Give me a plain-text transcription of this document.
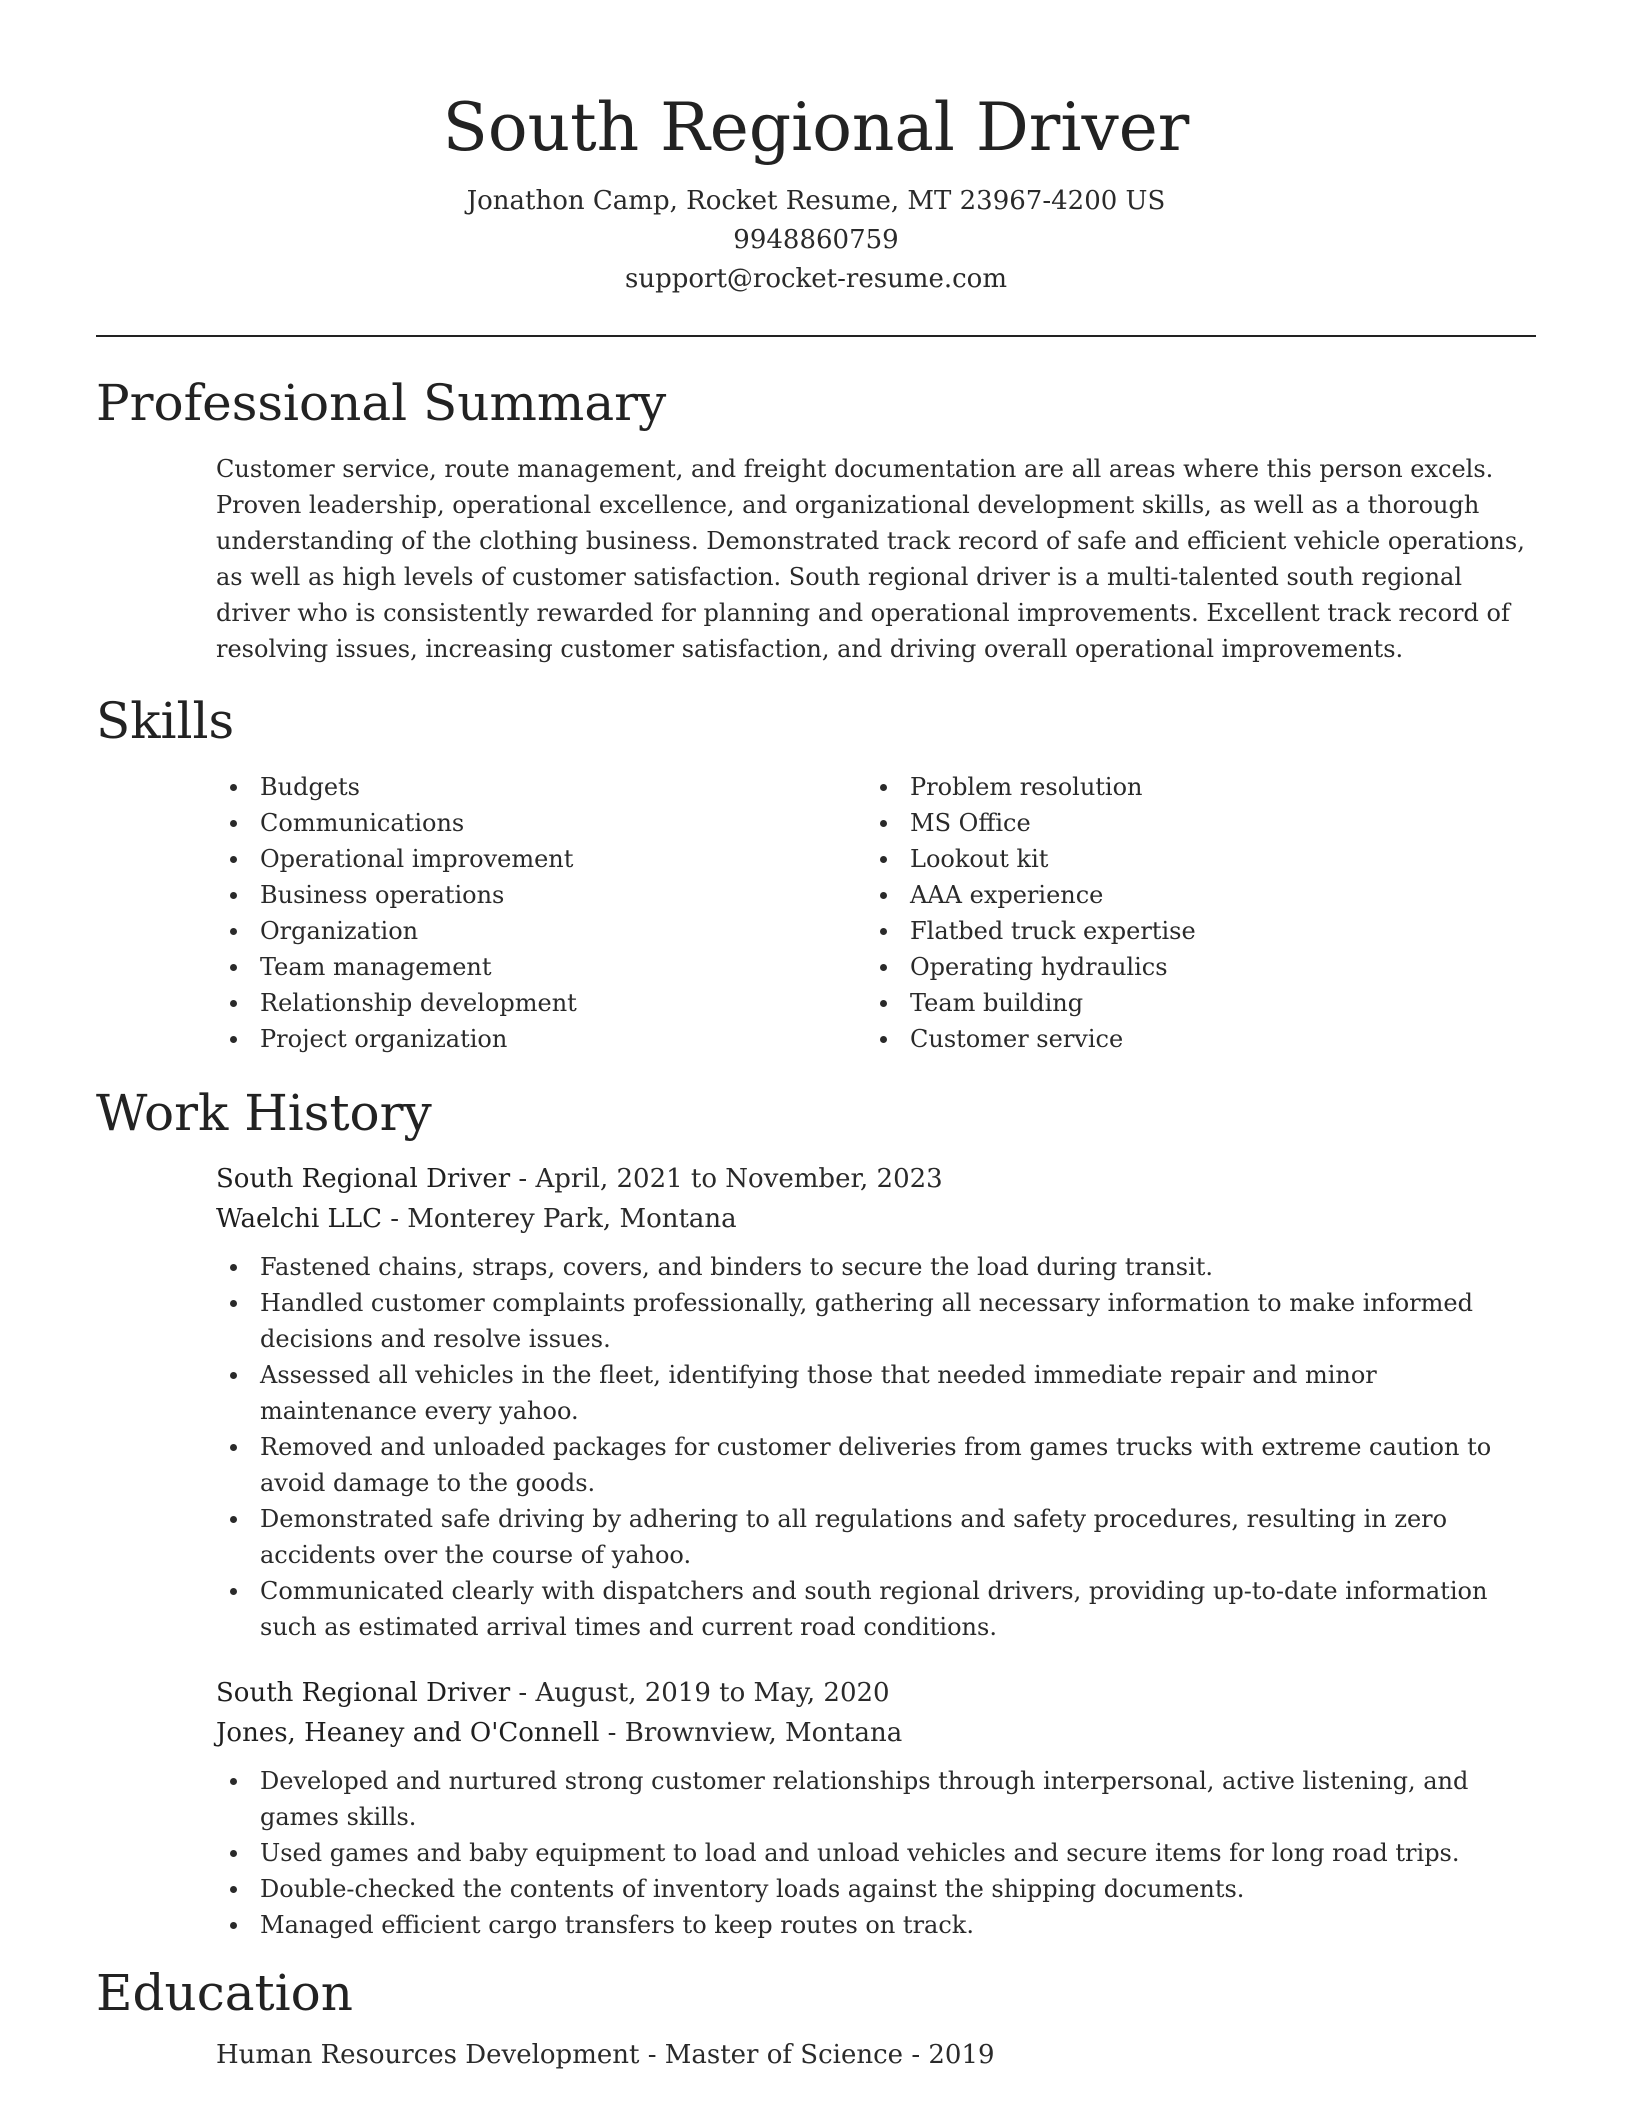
South Regional Driver
Jonathon Camp, Rocket Resume, MT 23967-4200 US
9948860759
support@rocket-resume.com
Professional Summary

Customer service, route management, and freight documentation are all areas where this person excels. Proven leadership, operational excellence, and organizational development skills, as well as a thorough understanding of the clothing business. Demonstrated track record of safe and efficient vehicle operations, as well as high levels of customer satisfaction. South regional driver is a multi-talented south regional driver who is consistently rewarded for planning and operational improvements. Excellent track record of resolving issues, increasing customer satisfaction, and driving overall operational improvements.

Skills
Budgets
Communications
Operational improvement
Business operations
Organization
Team management
Relationship development
Project organization
Problem resolution
MS Office
Lookout kit
AAA experience
Flatbed truck expertise
Operating hydraulics
Team building
Customer service
Work History
South Regional Driver - April, 2021 to November, 2023
Waelchi LLC - Monterey Park, Montana
Fastened chains, straps, covers, and binders to secure the load during transit.
Handled customer complaints professionally, gathering all necessary information to make informed decisions and resolve issues.
Assessed all vehicles in the fleet, identifying those that needed immediate repair and minor maintenance every yahoo.
Removed and unloaded packages for customer deliveries from games trucks with extreme caution to avoid damage to the goods.
Demonstrated safe driving by adhering to all regulations and safety procedures, resulting in zero accidents over the course of yahoo.
Communicated clearly with dispatchers and south regional drivers, providing up-to-date information such as estimated arrival times and current road conditions.
South Regional Driver - August, 2019 to May, 2020
Jones, Heaney and O'Connell - Brownview, Montana
Developed and nurtured strong customer relationships through interpersonal, active listening, and games skills.
Used games and baby equipment to load and unload vehicles and secure items for long road trips.
Double-checked the contents of inventory loads against the shipping documents.
Managed efficient cargo transfers to keep routes on track.
Education
Human Resources Development - Master of Science - 2019
